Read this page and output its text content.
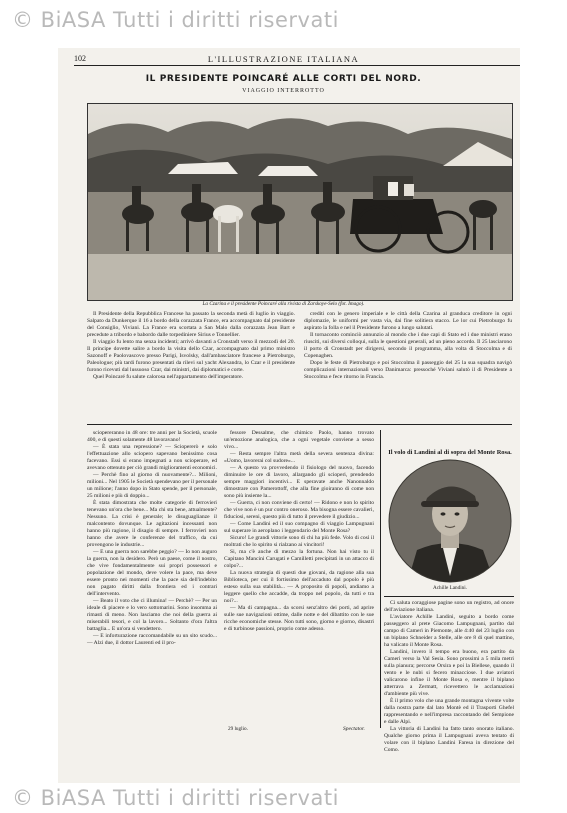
© BiASA Tutti i diritti riservati
102	L'ILLUSTRAZIONE ITALIANA
IL PRESIDENTE POINCARÉ ALLE CORTI DEL NORD.
VIAGGIO INTERROTTO
La Czarina e il presidente Poincaré alla rivista di Zarskoye-Selo (fot. Imago).

Il Presidente della Repubblica Francese ha passato la seconda metà di luglio in viaggio. Salpato da Dunkerque il 16 a bordo della corazzata France, era accompagnato dal presidente del Consiglio, Viviani. La France era scortata a San Malo dalla corazzata Jean Bart e precedute a tribordo e babordo dalle torpediniere Sirius e Tonnellier.

Il viaggio fu lento ma senza incidenti; arrivò davanti a Cronstadt verso il mezzodì del 20. Il principe dovette salire a bordo la visita dello Czar, accompagnato dal primo ministro Sazonoff e Paolovascovo presso Parigi, Isvolsky, dall'ambasciatore francese a Pietroburgo, Paleologue; più tardi furono presentati da rilevi sul yacht Alexandra, lo Czar e il presidente furono ricevuti dal lussuoso Czar, dai ministri, dai diplomatici e corte.

Quel Poincaré fu salute calorosa nell'appartamento dell'imperatore.

crediti con le genero imperiale e le città della Czarina al granduca creditore in ogni diplomazie, le uniformi per vasta via, dai fine solitiera stacco. Le lor cui Pietroburgo fu aspirato la folla e nel il Presidente furono a lungo salutati.

Il tornaconto cominciò annunzio al mondo che i due capi di Stato ed i due ministri erano riusciti, sui diversi colloqui, sulla le questioni generali, ad un pieno accordo. Il 25 lasciarono il porto di Cronstadt per dirigersi, secondo il programma, alla volta di Stoccolma e di Copenaghen.

Dopo le feste di Pietroburgo e poi Stoccolma il passeggio del 25 la sua squadra navigò complicazioni internazionali verso Danimarca: pressoché Viviani salutò il di Presidente a Stoccolma e fece ritorno in Francia.

sciopereranno in 48 ore: tre anni per la Società, scuole 400, e di questi solamente 48 lavoravano!

— È stata una repressione? — Sciopererò e solo l'effettuazione allo sciopero sapevano benissimo cosa facevano. Essi si erano impegnati a non scioperare, ed avevano ottenuto per ciò grandi miglioramenti economici.

— Perchè fino al giorno di nuovamente?... Milioni, milioni... Nel 1905 le Società spendevano per il personale un milione; l'anno dopo in Stato spende, per il personale, 25 milioni e più di doppio...

È stata dimostrata che molte categorie di ferrovieri tenevano un'ora che bene... Ma chi sta bene, attualmente? Nessuno. La crisi è generale; le disuguaglianze il malcontento dovunque. Le agitazioni incessanti non hanno più ragione, il disagio di sempre. I ferrovieri non hanno che avere le conferenze del traffico, da cui provengono le industrie...

— E una guerra non sarebbe peggio? — Io non auguro la guerra, non la desidero. Però un paese, come il nostro, che vive fondamentalmente sui propri possessori e popolazione del mondo, deve volere la pace, ma deve essere pronto nei momenti che la pace sia dell'indebito non pagato diritti dalla frontiera ed i contrari dell'intervento.

— Beato il voto che ci illumina! — Perchè? — Per un ideale di piacere e lo vero sottomarini. Sono insomma ai rimasti di meno. Non lasciamo che noi della guerra ai miserabili tesori, e col la lavoro... Soltanto d'ora l'altra battaglia... E un'ora si vendettero.

— E inforturazione raccomandabile su un sito scudo... — Alzi due, il dottor Laurenti ed il pro-

fessore Dessalme, che chimico Paolo, hanno trovato un'emozione analogica, che a ogni vegetale conviene a sesso vivo...

— Resta sempre l'altra metà della severa sentenza divina: «Uomo, lavorerai col sudore»...

— A questo va provvedendo il fisiologo del nuovo, facendo diminuire le ore di lavoro, allargando gli scioperi, prendendo sempre maggiori incentivi... E speravate anche Nanonnaldo dimostrare con Pamerottoff, che alla fine gioiranno di come non sono più insieme la...

— Guerra, ci non conviene di certo! — Ridono e non lo spirito che vive non è un pur contro oneroso. Ma bisogna essere cavalieri, fiduciosi, sereni, questo più di tutto il prevedere il giudizio...

— Come Landini ed il suo compagno di viaggio Lampugnani sul superare in aeroplano i leggendario del Monte Rosa?

Sicuro! Le grandi vittorie sono di chi ha più fede. Volo di così il moltrati che lo spirito si rialzano ai vincitori!

Si, ma c'è anche di mezzo la fortuna. Non hai visto tu il Capitano Mancini Carugati e Camilletti precipitati in un attacco di colpo?...

La nuova strategia di questi due giovani, da ragione alla sua Biblioteca, per cui il fortissimo dell'accaduto dal popolo è più esteso sulla sua stabilità... — A proposito di popoli, andiamo a leggere quello che accadde, da troppo nel popolo, da tutti e tra noi?...

— Ma di campagna... da scorsi senz'altro dei porti, ad aprire sulle sue navigazioni ottime, dalle notte e del dibattito con le sue ricche economiche stesse. Non tutti sono, giorno e giorno, disastri e di turbinose passioni, proprio come adesso.

Il volo di Landini al di sopra del Monte Rosa.
Achille Landini.

Ci saluta coraggiose pagine sono un registro, ad onore dell'aviazione italiana.

L'aviatore Achille Landini, seguito a bordo come passeggero al prete Giacomo Lampugnani, partito dal campo di Camerì in Piemonte, alle 4:40 del 23 luglio con un biplano Schneider a Stelle, alle ore 8 di quel mattino, ha valicato il Monte Rosa.

Landini, invero il tempo era buono, era partito da Camerì verso la Val Sesia. Sono prossimi a 5 mila metri sulla pianura; percorse Orsira e poi la Biellese, quando il vento e le nubi si fecero minacciose. I due aviatori valicarono infine il Monte Rosa e, mentre il biplano atterrava a Zermatt, ricevettero le acclamazioni d'ambiente più vive.

È il primo volo che una grande montagna vivente volte dalla nostra parte dal lato Montè ed il Trasporti Ghefel rappresentando e nell'impresa raccontando del Sempione e dalle Alpi.

La vittoria di Landini ha fatto tanto onorato italiano. Qualche giorno prima il Lampugnani aveva tentato di volare con il biplano Landini Faresa in direzione del Como.

29 luglio.	Spectator.
© BiASA Tutti i diritti riservati
